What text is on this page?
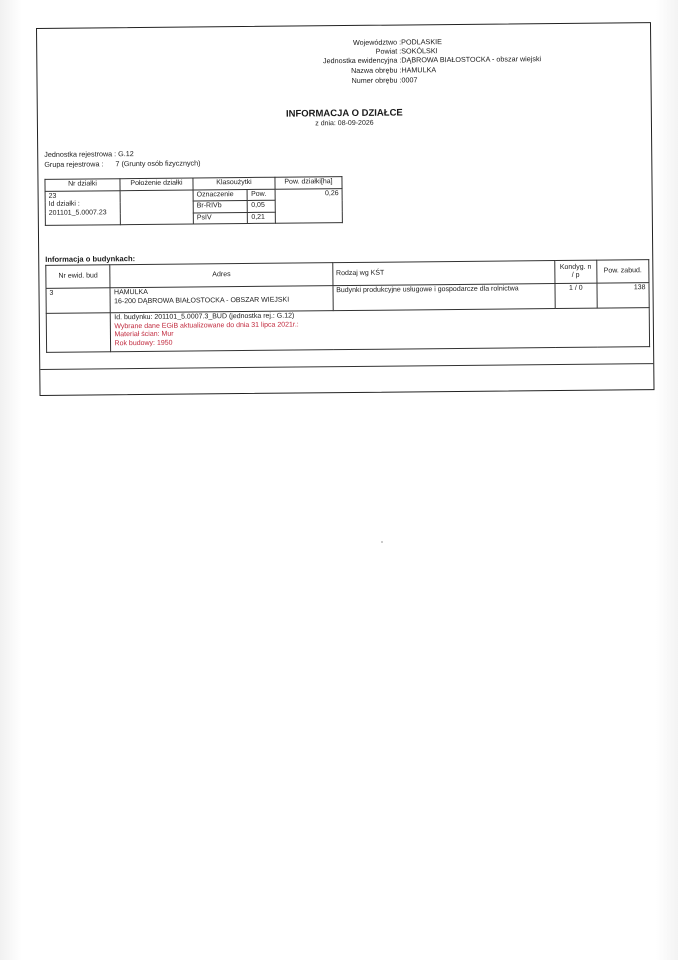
Województwo : PODLASKIE
Powiat : SOKÓLSKI
Jednostka ewidencyjna : DĄBROWA BIAŁOSTOCKA - obszar wiejski
Nazwa obrębu : HAMULKA
Numer obrębu : 0007
INFORMACJA O DZIAŁCE
z dnia: 08-09-2026
Jednostka rejestrowa : G.12
Grupa rejestrowa : 7 (Grunty osób fizycznych)
Nr działki	Położenie działki	Klasoużytki		Pow. działki[ha]

23
Id działki :
201101_5.0007.23		Oznaczenie	Pow.	0,26
		Br-RIVb	0,05	
		PsIV	0,21	
Informacja o budynkach:
Nr ewid. bud	Adres	Rodzaj wg KŚT	Kondyg. n / p	Pow. zabud.
3	HAMULKA
16-200 DĄBROWA BIAŁOSTOCKA - OBSZAR WIEJSKI	Budynki produkcyjne usługowe i gospodarcze dla rolnictwa	1 / 0	138

	Id. budynku: 201101_5.0007.3_BUD (jednostka rej.: G.12)
Wybrane dane EGiB aktualizowane do dnia 31 lipca 2021r.:
Materiał ścian: Mur
Rok budowy: 1950			
